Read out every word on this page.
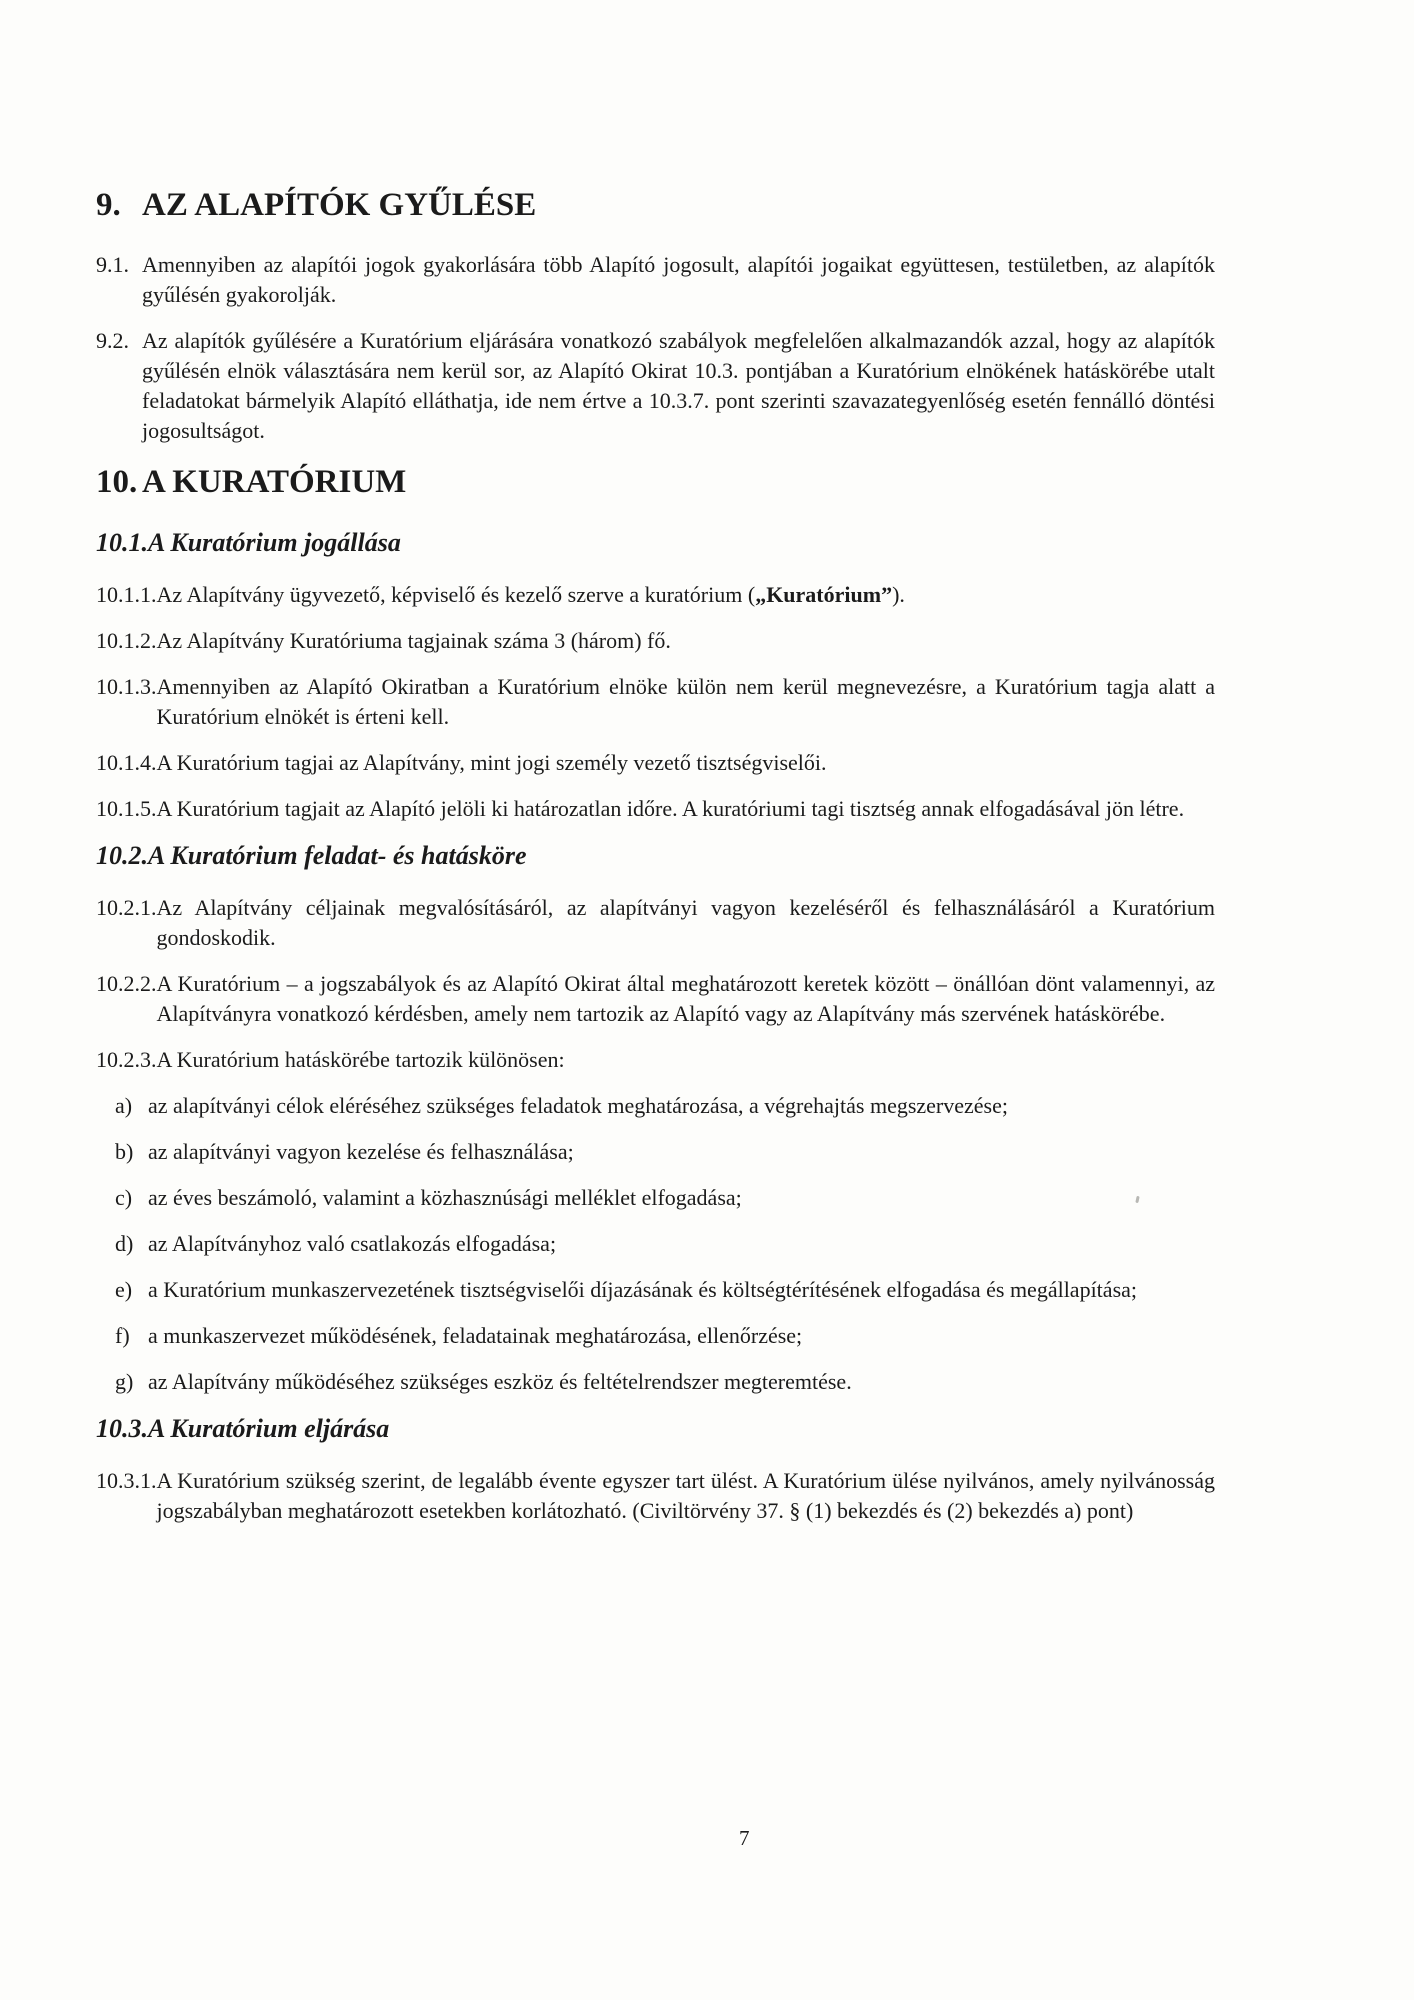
9. AZ ALAPÍTÓK GYŰLÉSE
9.1. Amennyiben az alapítói jogok gyakorlására több Alapító jogosult, alapítói jogaikat együttesen, testületben, az alapítók gyűlésén gyakorolják.
9.2. Az alapítók gyűlésére a Kuratórium eljárására vonatkozó szabályok megfelelően alkalmazandók azzal, hogy az alapítók gyűlésén elnök választására nem kerül sor, az Alapító Okirat 10.3. pontjában a Kuratórium elnökének hatáskörébe utalt feladatokat bármelyik Alapító elláthatja, ide nem értve a 10.3.7. pont szerinti szavazategyenlőség esetén fennálló döntési jogosultságot.
10. A KURATÓRIUM
10.1. A Kuratórium jogállása
10.1.1. Az Alapítvány ügyvezető, képviselő és kezelő szerve a kuratórium („Kuratórium”).
10.1.2. Az Alapítvány Kuratóriuma tagjainak száma 3 (három) fő.
10.1.3. Amennyiben az Alapító Okiratban a Kuratórium elnöke külön nem kerül megnevezésre, a Kuratórium tagja alatt a Kuratórium elnökét is érteni kell.
10.1.4. A Kuratórium tagjai az Alapítvány, mint jogi személy vezető tisztségviselői.
10.1.5. A Kuratórium tagjait az Alapító jelöli ki határozatlan időre. A kuratóriumi tagi tisztség annak elfogadásával jön létre.
10.2. A Kuratórium feladat- és hatásköre
10.2.1. Az Alapítvány céljainak megvalósításáról, az alapítványi vagyon kezeléséről és felhasználásáról a Kuratórium gondoskodik.
10.2.2. A Kuratórium – a jogszabályok és az Alapító Okirat által meghatározott keretek között – önállóan dönt valamennyi, az Alapítványra vonatkozó kérdésben, amely nem tartozik az Alapító vagy az Alapítvány más szervének hatáskörébe.
10.2.3. A Kuratórium hatáskörébe tartozik különösen:
a) az alapítványi célok eléréséhez szükséges feladatok meghatározása, a végrehajtás megszervezése;
b) az alapítványi vagyon kezelése és felhasználása;
c) az éves beszámoló, valamint a közhasznúsági melléklet elfogadása;
d) az Alapítványhoz való csatlakozás elfogadása;
e) a Kuratórium munkaszervezetének tisztségviselői díjazásának és költségtérítésének elfogadása és megállapítása;
f) a munkaszervezet működésének, feladatainak meghatározása, ellenőrzése;
g) az Alapítvány működéséhez szükséges eszköz és feltételrendszer megteremtése.
10.3. A Kuratórium eljárása
10.3.1. A Kuratórium szükség szerint, de legalább évente egyszer tart ülést. A Kuratórium ülése nyilvános, amely nyilvánosság jogszabályban meghatározott esetekben korlátozható. (Civiltörvény 37. § (1) bekezdés és (2) bekezdés a) pont)
7
